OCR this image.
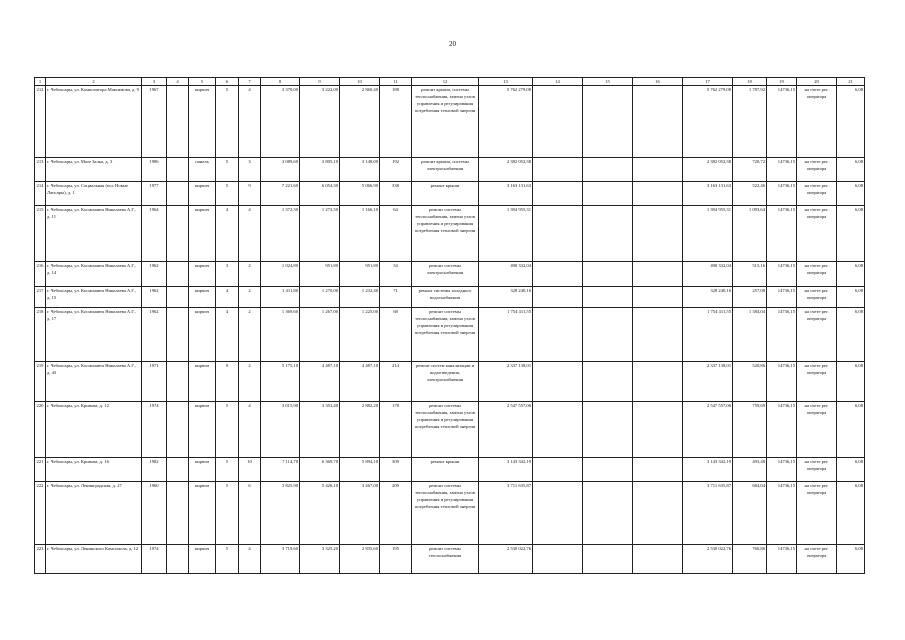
20
1	2	3	4	5	6	7	8	9	10	11	12	13	14	15	16	17	18	19	20	21
212	г. Чебоксары, ул. Композитора Максимова, д. 9	1967		кирпич	5	4	3 379,00	3 222,00	2 860,40	188	ремонт крыши, системы теплоснабжения, замена узлов управления и регулирования потребления тепловой энергии	5 762 279,08				5 762 279,08	1 787,92	14736,15	на счете рег. оператора	6,08
213	г. Чебоксары, ул. Мате Залка, д. 3	1986		панель	5	3	3 089,60	3 805,10	3 148,00	192	ремонт крыши, системы электроснабжения	2 382 052,38				2 382 052,38	720,72	14736,15	на счете рег. оператора	6,08
214	г. Чебоксары, ул. Социальная (пос Новые Лапсары), д. 1	1977		кирпич	5	9	7 221,60	6 054,30	5 066,90	338	ремонт крыши	3 163 131,63				3 163 131,63	522,46	14736,15	на счете рег. оператора	6,08
215	г. Чебоксары, ул. Космонавта Николаева А.Г., д. 11	1964		кирпич	4	4	1 372,30	1 273,50	1 166,10	64	ремонт системы теплоснабжения, замена узлов управления и регулирования потребления тепловой энергии	1 394 955,31				1 394 955,31	1 093,64	14736,15	на счете рег. оператора	6,08
216	г. Чебоксары, ул. Космонавта Николаева А.Г., д. 14	1962		кирпич	3	2	1 024,80	951,80	951,80	34	ремонт системы электроснабжения	490 332,04				490 332,04	515,16	14736,15	на счете рег. оператора	6,08
217	г. Чебоксары, ул. Космонавта Николаева А.Г., д. 15	1962		кирпич	4	2	1 411,80	1 270,00	1 232,40	71	ремонт системы холодного водоснабжения	328 240,16				328 240,16	257,08	14736,15	на счете рег. оператора	6,08
218	г. Чебоксары, ул. Космонавта Николаева А.Г., д. 17	1962		кирпич	4	2	1 369,60	1 267,00	1 225,00	68	ремонт системы теплоснабжения, замена узлов управления и регулирования потребления тепловой энергии	1 754 411,55				1 754 411,55	1 384,04	14736,15	на счете рег. оператора	6,08
219	г. Чебоксары, ул. Космонавта Николаева А.Г., д. 43	1971		кирпич	9	2	5 175,10	4 487,10	4 487,10	214	ремонт систем канализации и водоотведения, электроснабжения	2 337 138,01				2 337 138,01	520,86	14736,15	на счете рег. оператора	6,08
220	г. Чебоксары, ул. Кривова, д. 12	1974		кирпич	5	4	3 015,90	3 353,40	2 882,20	178	ремонт системы теплоснабжения, замена узлов управления и регулирования потребления тепловой энергии	2 547 557,06				2 547 557,06	759,69	14736,15	на счете рег. оператора	6,08
221	г. Чебоксары, ул. Кривова, д. 16	1982		кирпич	5	10	7 114,70	6 369,70	5 894,10	309	ремонт крыши	3 143 342,19				3 143 342,19	493,48	14736,15	на счете рег. оператора	6,08
222	г. Чебоксары, ул. Ленинградская, д. 27	1960		кирпич	5	6	3 825,90	5 426,10	3 267,00	209	ремонт системы теплоснабжения, замена узлов управления и регулирования потребления тепловой энергии	3 711 635,87				3 711 635,87	684,04	14736,15	на счете рег. оператора	6,08
223	г. Чебоксары, ул. Ленинского Комсомола, д. 12	1974		кирпич	5	4	3 719,60	3 325,20	2 835,60	195	ремонт системы теплоснабжения	2 530 022,76				2 530 022,76	760,86	14736,15	на счете рег. оператора	6,08
